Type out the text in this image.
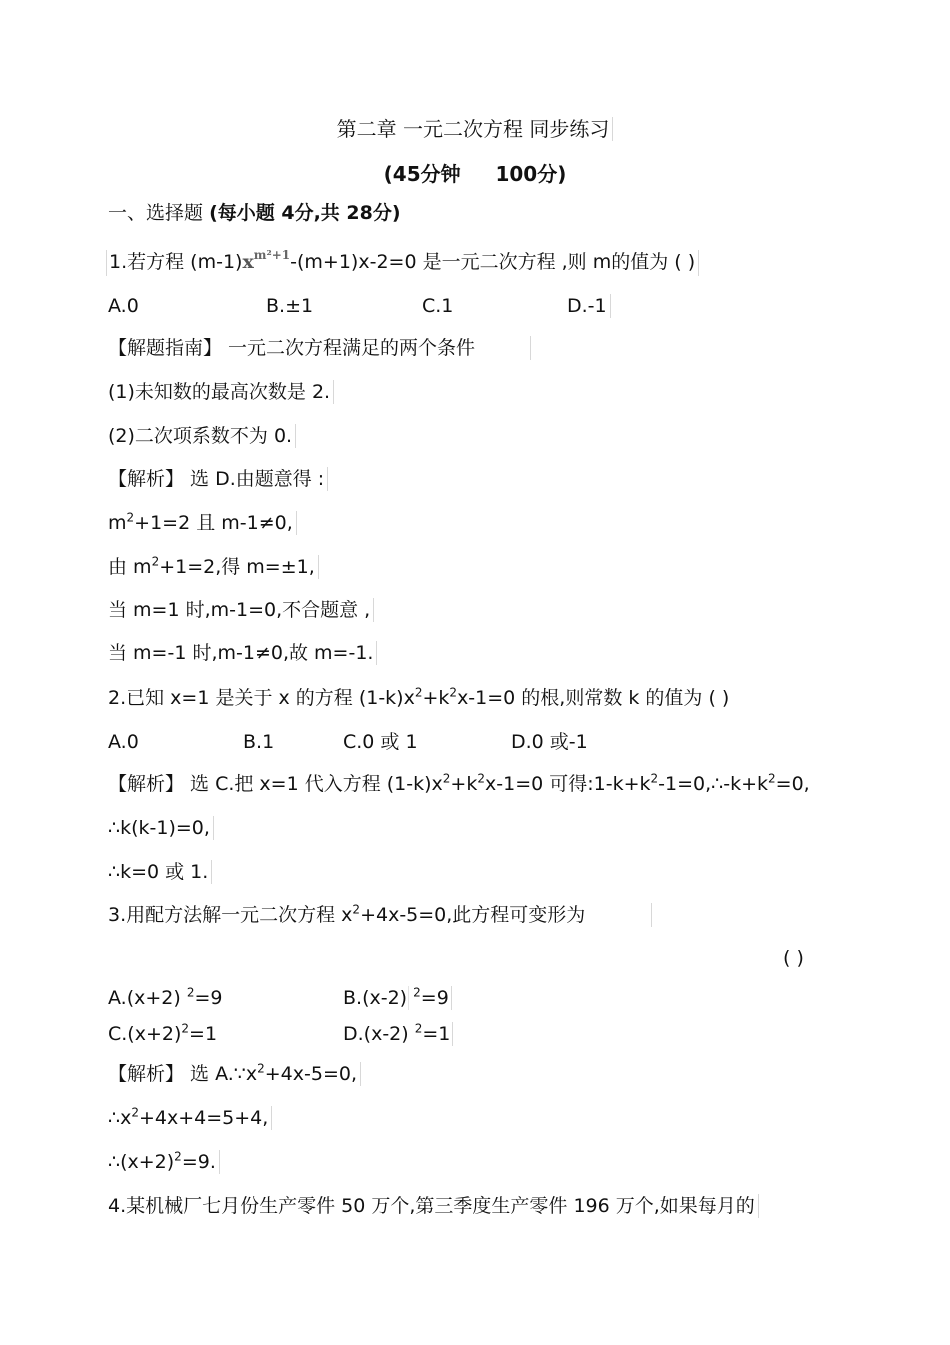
第二章 一元二次方程 同步练习
(45分钟 100分)
一、选择题 (每小题 4分,共 28分)
1.若方程 $(m-1)x^{m^2+1}-(m+1)x-2=0$ 是一元二次方程 ,则 m的值为 ( )
A.0	B.±1	C.1	D.-1
【解题指南】 一元二次方程满足的两个条件
(1)未知数的最高次数是 2.
(2)二次项系数不为 0.
【解析】 选 D.由题意得 :
$m^2+1=2$ 且 m-1≠0,
由 $m^2+1=2$,得 m=±1,
当 m=1 时,m-1=0,不合题意 ,
当 m=-1 时,m-1≠0,故 m=-1.
2.已知 x=1 是关于 x 的方程 $(1-k)x^2+k^2x-1=0$ 的根,则常数 k 的值为 ( )
A.0	B.1	C.0 或 1	D.0 或-1
【解析】 选 C.把 x=1 代入方程 $(1-k)x^2+k^2x-1=0$ 可得$:1-k+k^2-1=0,\therefore-k+k^2=0$,
∴k(k-1)=0,
∴k=0 或 1.
3.用配方法解一元二次方程 $x^2+4x-5=0$,此方程可变形为
( )
A.(x+2) $^2$=9	B.(x-2) $^2$=9
$C.(x+2)^2=1$	D.(x-2) $^2$=1
【解析】 选 $A.\because x^2+4x-5=0$,
$\therefore x^2+4x+4=5+4$,
$\therefore(x+2)^2=9$.
4.某机械厂七月份生产零件 50 万个,第三季度生产零件 196 万个,如果每月的
